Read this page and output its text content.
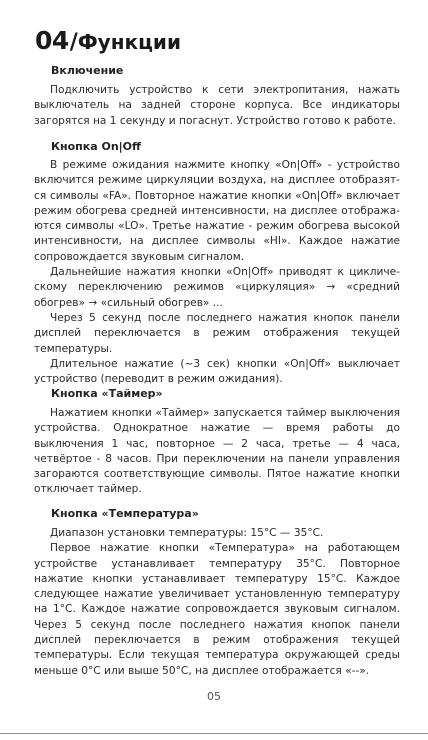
04/Функции
Включение
Подключить устройство к сети электропитания, нажать
выключатель на задней стороне корпуса. Все индикаторы
загорятся на 1 секунду и погаснут. Устройство готово к работе.
Кнопка On|Off
В режиме ожидания нажмите кнопку «On|Off» - устройство
включится режиме циркуляции воздуха, на дисплее отобразят-
ся символы «FA». Повторное нажатие кнопки «On|Off» включает
режим обогрева средней интенсивности, на дисплее отобража-
ются символы «LO». Третье нажатие - режим обогрева высокой
интенсивности, на дисплее символы «HI». Каждое нажатие
сопровождается звуковым сигналом.
Дальнейшие нажатия кнопки «On|Off» приводят к цикличе-
скому переключению режимов «циркуляция» → «средний
обогрев» → «сильный обогрев» ...
Через 5 секунд после последнего нажатия кнопок панели
дисплей переключается в режим отображения текущей
температуры.
Длительное нажатие (~3 сек) кнопки «On|Off» выключает
устройство (переводит в режим ожидания).
Кнопка «Таймер»
Нажатием кнопки «Таймер» запускается таймер выключения
устройства. Однократное нажатие — время работы до
выключения 1 час, повторное — 2 часа, третье — 4 часа,
четвёртое - 8 часов. При переключении на панели управления
загораются соответствующие символы. Пятое нажатие кнопки
отключает таймер.
Кнопка «Температура»
Диапазон установки температуры: 15°C — 35°C.
Первое нажатие кнопки «Температура» на работающем
устройстве устанавливает температуру 35°C. Повторное
нажатие кнопки устанавливает температуру 15°C. Каждое
следующее нажатие увеличивает установленную температуру
на 1°C. Каждое нажатие сопровождается звуковым сигналом.
Через 5 секунд после последнего нажатия кнопок панели
дисплей переключается в режим отображения текущей
температуры. Если текущая температура окружающей среды
меньше 0°C или выше 50°C, на дисплее отображается «--».
05
